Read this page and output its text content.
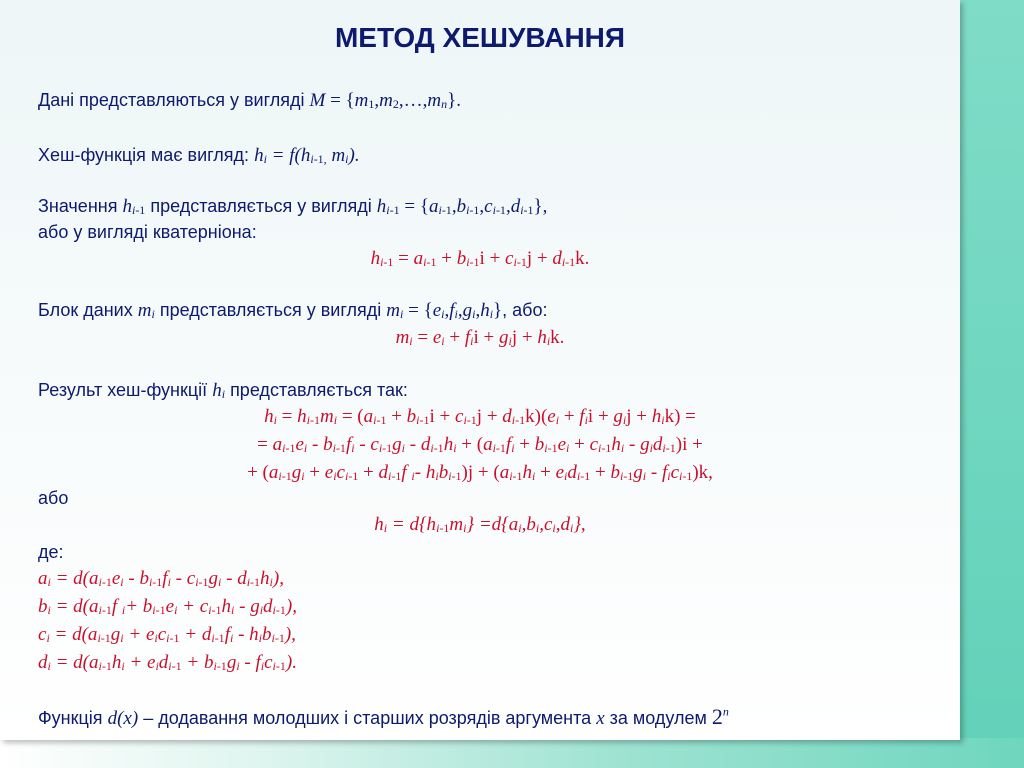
МЕТОД ХЕШУВАННЯ
Дані представляються у вигляді $M = \{m_1,m_2,\dots,m_n\}$.
Хеш-функція має вигляд: $h_i = f(h_{i-1,}$ $m_i$).
Значення $h_{i-1}$ представляється у вигляді $h_{i-1} = \{a_{i-1},b_{i-1},c_{i-1},d_{i-1}\}$,
або у вигляді кватерніона:
$h_{i-1} = a_{i-1} + b_{i-1}i + c_{i-1}j + d_{i-1}k$.
Блок даних $m_i$ представляється у вигляді $m_i = \{e_i,f_i,g_i,h_i\}$, або:
$m_i = e_i + f_ii + g_ij + h_ik$.
Результ хеш-функції $h_i$ представляється так:
$h_i = h_{i-1}m_i = (a_{i-1} + b_{i-1}i + c_{i-1}j + d_{i-1}k)(e_i + f_ii + g_ij + h_ik)$ =
= $a_{i-1}e_i - b_{i-1}f_i - c_{i-1}g_i - d_{i-1}h_i + (a_{i-1}f_i + b_{i-1}e_i + c_{i-1}h_i - g_id_{i-1})i$ +
+ ($a_{i-1}g_i + e_ic_{i-1} + d_{i-1}f$ $_i$- $h_ib_{i-1})j + (a_{i-1}h_i + e_id_{i-1} + b_{i-1}g_i - f_ic_{i-1})k$,
або
$h_i = d\{h_{i-1}m_i\} =d\{a_i,b_i,c_i,d_i\}$,
де:
$a_i = d(a_{i-1}e_i - b_{i-1}f_i - c_{i-1}g_i - d_{i-1}h_i)$,
$b_i = d(a_{i-1}f$ $_i+ b_{i-1}e_i + c_{i-1}h_i - g_id_{i-1}$),
$c_i = d(a_{i-1}g_i + e_ic_{i-1} + d_{i-1}f_i - h_ib_{i-1})$,
$d_i = d(a_{i-1}h_i + e_id_{i-1} + b_{i-1}g_i - f_ic_{i-1})$.
Функція d(x) – додавання молодших і старших розрядів аргумента x за модулем 2$^n$
